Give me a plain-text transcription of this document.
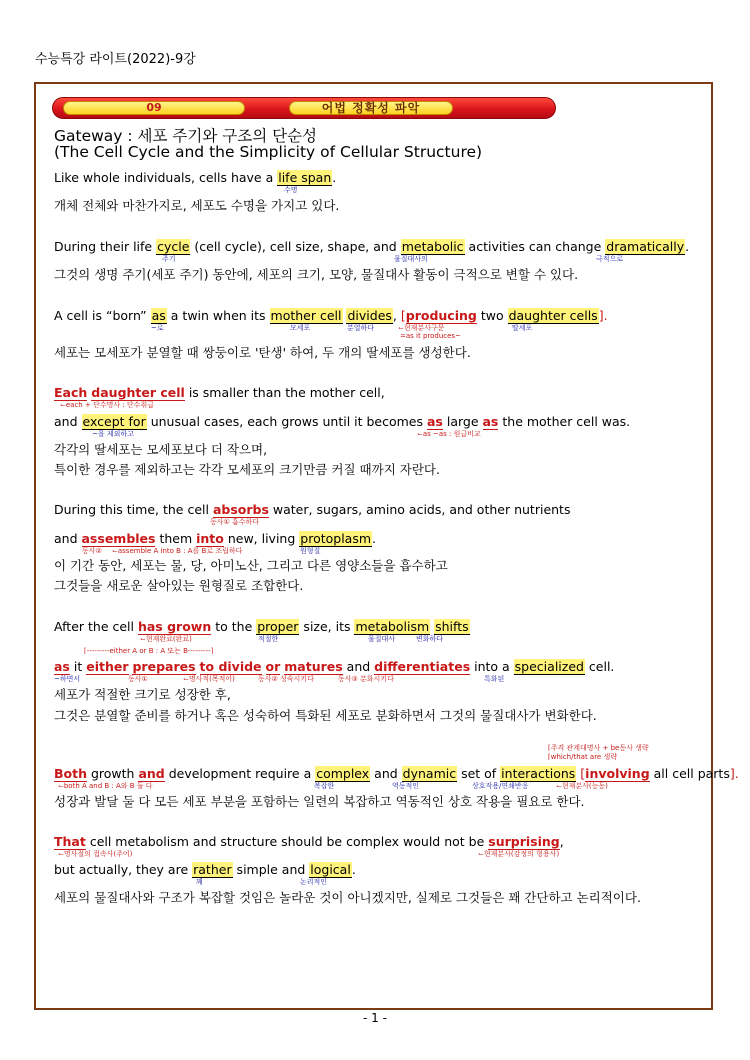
수능특강 라이트(2022)-9강
09	어법 정확성 파악
Gateway : 세포 주기와 구조의 단순성
(The Cell Cycle and the Simplicity of Cellular Structure)
Like whole individuals, cells have a life span.
수명
개체 전체와 마찬가지로, 세포도 수명을 가지고 있다.
During their life cycle (cell cycle), cell size, shape, and metabolic activities can change dramatically.
주기	물질대사의	극적으로
그것의 생명 주기(세포 주기) 동안에, 세포의 크기, 모양, 물질대사 활동이 극적으로 변할 수 있다.
A cell is “born” as a twin when its mother cell divides, [producing two daughter cells].
~로	모세포	분열하다	⌙현재분사구문
=as it produces~
딸세포
세포는 모세포가 분열할 때 쌍둥이로 '탄생' 하여, 두 개의 딸세포를 생성한다.
Each daughter cell is smaller than the mother cell,
⌙each + 단수명사 : 단수취급
and except for unusual cases, each grows until it becomes as large as the mother cell was.
~을 제외하고	⌙as ~as : 원급비교
각각의 딸세포는 모세포보다 더 작으며,
특이한 경우를 제외하고는 각각 모세포의 크기만큼 커질 때까지 자란다.
During this time, the cell absorbs water, sugars, amino acids, and other nutrients
동사① 흡수하다
and assembles them into new, living protoplasm.
동사② ⌙assemble A into B : A를 B로 조립하다	원형질
이 기간 동안, 세포는 물, 당, 아미노산, 그리고 다른 영양소들을 흡수하고
그것들을 새로운 살아있는 원형질로 조합한다.
After the cell has grown to the proper size, its metabolism shifts
⌙현재완료(완료)	적절한	물질대사	변화하다
⌈---------either A or B : A 또는 B---------⌉
as it either prepares to divide or matures and differentiates into a specialized cell.
~하면서	동사①	⌙명사적(목적어)	동사② 성숙시키다	동사③ 분화시키다	특화된
세포가 적절한 크기로 성장한 후,
그것은 분열할 준비를 하거나 혹은 성숙하여 특화된 세포로 분화하면서 그것의 물질대사가 변화한다.
⌈주격 관계대명사 + be동사 생략
⌈which/that are 생략
Both growth and development require a complex and dynamic set of interactions [involving all cell parts].
⌙both A and B : A와 B 둘 다	복잡한	역동적인	상호작용/연쇄반응	⌙현재분사(능동)
성장과 발달 둘 다 모든 세포 부분을 포함하는 일련의 복잡하고 역동적인 상호 작용을 필요로 한다.
That cell metabolism and structure should be complex would not be surprising,
⌙명사절의 접속사(주어)	⌙현재분사(감정의 형용사)
but actually, they are rather simple and logical.
꽤	논리적인
세포의 물질대사와 구조가 복잡할 것임은 놀라운 것이 아니겠지만, 실제로 그것들은 꽤 간단하고 논리적이다.
- 1 -
